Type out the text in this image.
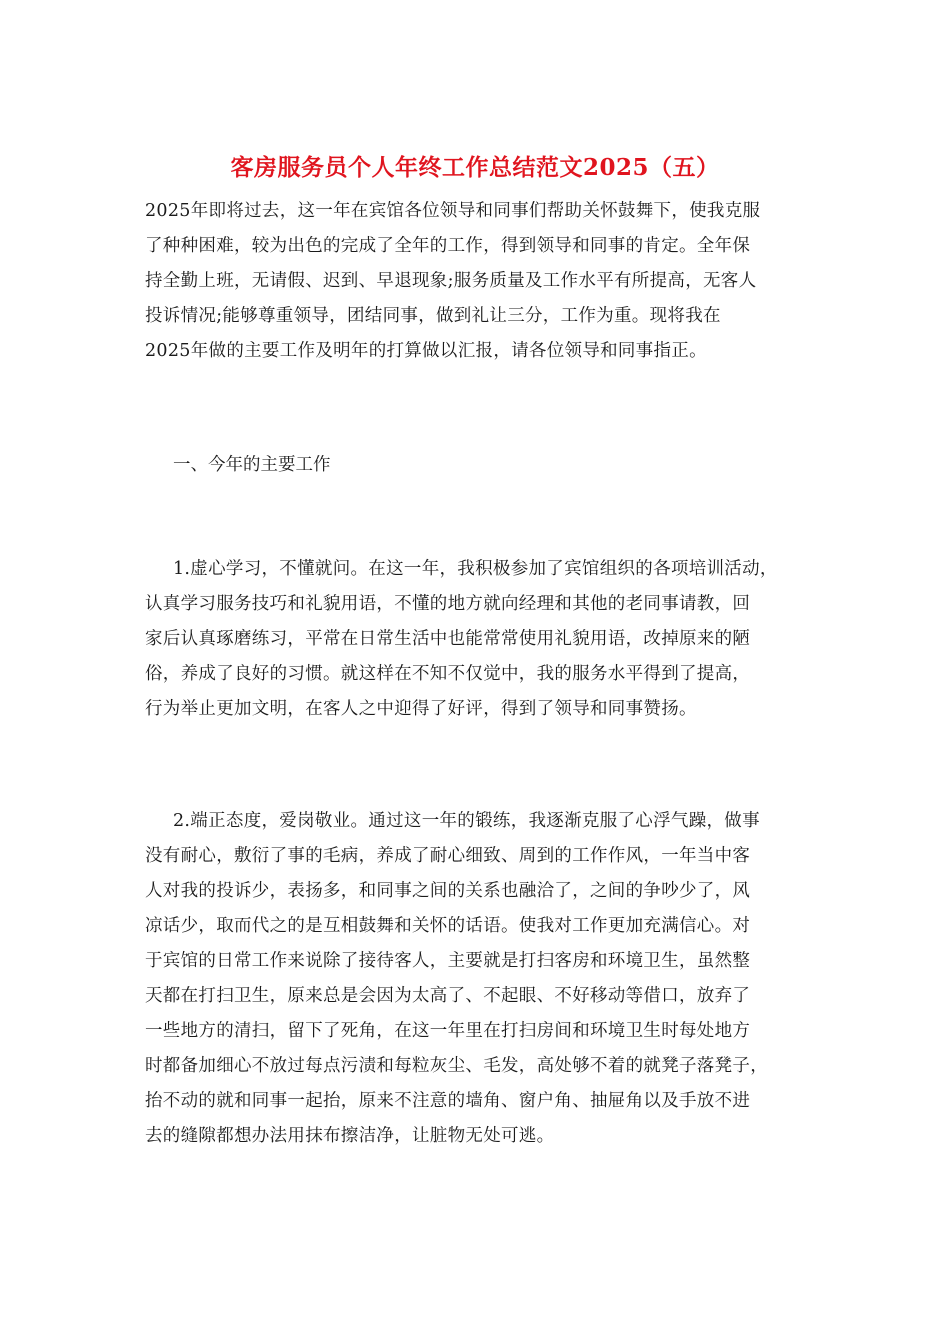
客房服务员个人年终工作总结范文2025（五）
2025年即将过去，这一年在宾馆各位领导和同事们帮助关怀鼓舞下，使我克服
了种种困难，较为出色的完成了全年的工作，得到领导和同事的肯定。全年保
持全勤上班，无请假、迟到、早退现象;服务质量及工作水平有所提高，无客人
投诉情况;能够尊重领导，团结同事，做到礼让三分，工作为重。现将我在
2025年做的主要工作及明年的打算做以汇报，请各位领导和同事指正。
一、今年的主要工作
1.虚心学习，不懂就问。在这一年，我积极参加了宾馆组织的各项培训活动，
认真学习服务技巧和礼貌用语，不懂的地方就向经理和其他的老同事请教，回
家后认真琢磨练习，平常在日常生活中也能常常使用礼貌用语，改掉原来的陋
俗，养成了良好的习惯。就这样在不知不仅觉中，我的服务水平得到了提高，
行为举止更加文明，在客人之中迎得了好评，得到了领导和同事赞扬。
2.端正态度，爱岗敬业。通过这一年的锻练，我逐渐克服了心浮气躁，做事
没有耐心，敷衍了事的毛病，养成了耐心细致、周到的工作作风，一年当中客
人对我的投诉少，表扬多，和同事之间的关系也融洽了，之间的争吵少了，风
凉话少，取而代之的是互相鼓舞和关怀的话语。使我对工作更加充满信心。对
于宾馆的日常工作来说除了接待客人，主要就是打扫客房和环境卫生，虽然整
天都在打扫卫生，原来总是会因为太高了、不起眼、不好移动等借口，放弃了
一些地方的清扫，留下了死角，在这一年里在打扫房间和环境卫生时每处地方
时都备加细心不放过每点污渍和每粒灰尘、毛发，高处够不着的就凳子落凳子，
抬不动的就和同事一起抬，原来不注意的墙角、窗户角、抽屉角以及手放不进
去的缝隙都想办法用抹布擦洁净，让脏物无处可逃。
